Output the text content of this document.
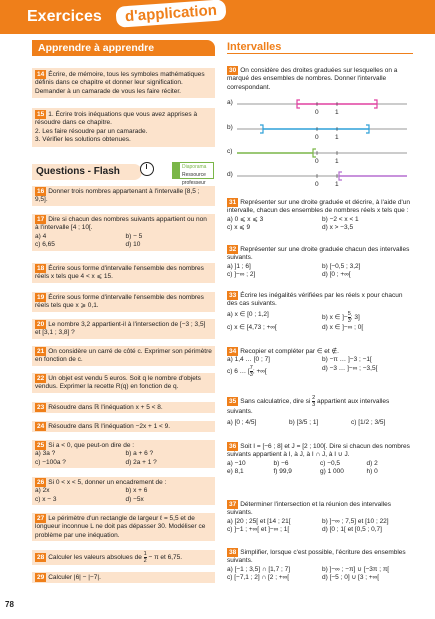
Exercices	d'application
Apprendre à apprendre
14 Écrire, de mémoire, tous les symboles mathématiques définis dans ce chapitre et donner leur signification. Demander à un camarade de vous les faire réciter.
15 1. Écrire trois inéquations que vous avez apprises à résoudre dans ce chapitre.
2. Les faire résoudre par un camarade.
3. Vérifier les solutions obtenues.
Questions - Flash	Diaporama
Ressource professeur
16 Donner trois nombres appartenant à l'intervalle [8,5 ; 9,5].
17 Dire si chacun des nombres suivants appartient ou non à l'intervalle [4 ; 10[.
a) 4	b) − 5
c) 6,65	d) 10
18 Écrire sous forme d'intervalle l'ensemble des nombres réels x tels que 4 < x ⩽ 15.
19 Écrire sous forme d'intervalle l'ensemble des nombres réels tels que x ⩾ 0,1.
20 Le nombre 3,2 appartient-il à l'intersection de [−3 ; 3,5] et [3,1 ; 3,8] ?
21 On considère un carré de côté c. Exprimer son périmètre en fonction de c.
22 Un objet est vendu 5 euros. Soit q le nombre d'objets vendus. Exprimer la recette R(q) en fonction de q.
23 Résoudre dans ℝ l'inéquation x + 5 < 8.
24 Résoudre dans ℝ l'inéquation −2x + 1 < 9.
25 Si a < 0, que peut-on dire de :
a) 3a ?	b) a + 6 ?
c) −100a ?	d) 2a + 1 ?
26 Si 0 < x < 5, donner un encadrement de :
a) 2x	b) x + 6
c) x − 3	d) −5x
27 Le périmètre d'un rectangle de largeur ℓ = 5,5 et de longueur inconnue L ne doit pas dépasser 30. Modéliser ce problème par une inéquation.
28 Calculer les valeurs absolues de $\frac{1}{2} - \pi$ et 6,75.
29 Calculer |6| − |−7|.
Intervalles
30 On considère des droites graduées sur lesquelles on a marqué des ensembles de nombres. Donner l'intervalle correspondant.
a)
0	1
b)
0	1
c)
0	1
d)
0	1
31 Représenter sur une droite graduée et décrire, à l'aide d'un intervalle, chacun des ensembles de nombres réels x tels que :
a) 0 ⩽ x ⩽ 3	b) −2 < x < 1
c) x ⩽ 9	d) x > −3,5
32 Représenter sur une droite graduée chacun des intervalles suivants.
a) ]1 ; 6]	b) [−0,5 ; 3,2]
c) ]−∞ ; 2]	d) [0 ; +∞[
33 Écrire les inégalités vérifiées par les réels x pour chacun des cas suivants.
a) x ∈ [0 ; 1,2]	b) x ∈ ]− $\frac{5}{3}$ ; 3]
c) x ∈ [4,73 ; +∞[	d) x ∈ ]−∞ ; 0[
34 Recopier et compléter par ∈ et ∉.
a) 1,4 … [0 ; 7]	b) −π … ]−3 ; −1[
c) 6 … [ $\frac{7}{3}$ ; +∞[	d) −3 … ]−∞ ; −3,5[
35 Sans calculatrice, dire si $\frac{2}{3}$ appartient aux intervalles suivants.
a) [0 ; 4/5]	b) [3/5 ; 1]	c) [1/2 ; 3/5]
36 Soit I = [−6 ; 8] et J = [2 ; 100[. Dire si chacun des nombres suivants appartient à I, à J, à I ∩ J, à I ∪ J.
a) −10	b) −6	c) −0,5	d) 2
e) 8,1	f) 99,9	g) 1 000	h) 0
37 Déterminer l'intersection et la réunion des intervalles suivants.
a) [20 ; 25[ et [14 ; 21[	b) ]−∞ ; 7,5] et [10 ; 22]
c) ]−1 ; +∞[ et ]−∞ ; 1[	d) [0 ; 1[ et [0,5 ; 0,7]
38 Simplifier, lorsque c'est possible, l'écriture des ensembles suivants.
a) [−1 ; 3,5] ∩ [1,7 ; 7]	b) ]−∞ ; −π] ∪ [−3π ; π[
c) [−7,1 ; 2] ∩ [2 ; +∞[	d) [−5 ; 0] ∪ [3 ; +∞[
78
